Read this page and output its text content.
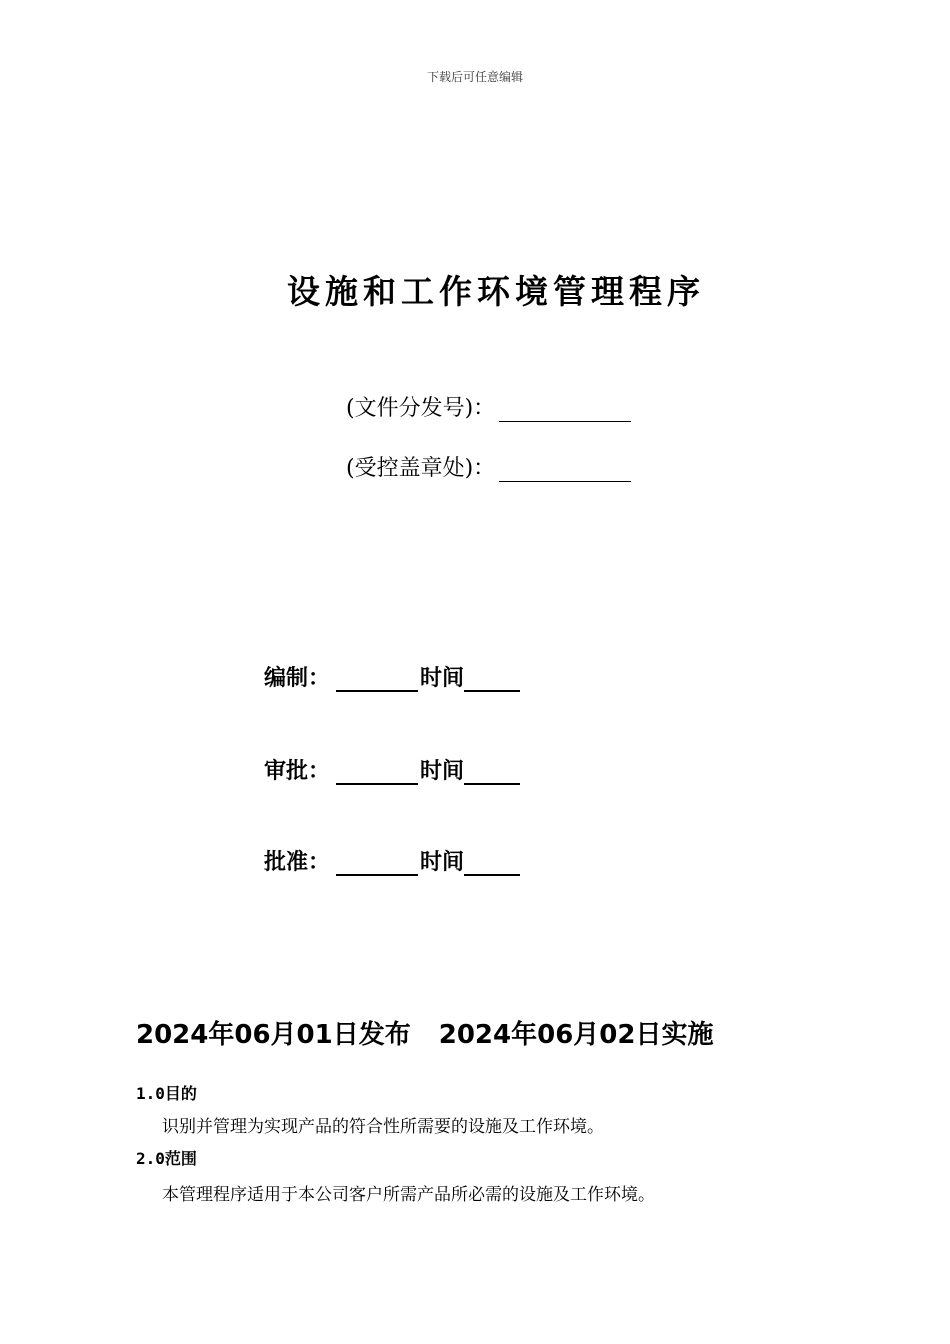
下载后可任意编辑
设施和工作环境管理程序
(文件分发号)：
(受控盖章处)：
编制：	时间
审批：	时间
批准：	时间
2024年06月01日发布 2024年06月02日实施
1.0目的
识别并管理为实现产品的符合性所需要的设施及工作环境。
2.0范围
本管理程序适用于本公司客户所需产品所必需的设施及工作环境。
